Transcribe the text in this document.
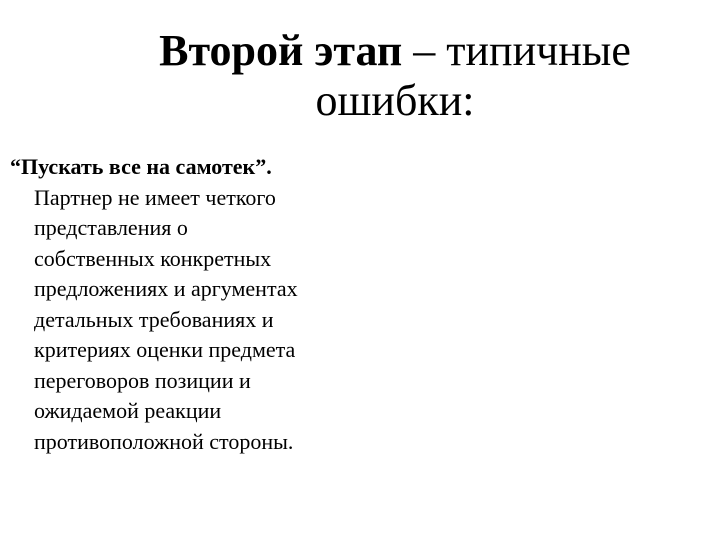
Второй этап – типичные
ошибки:
“Пускать все на самотек”.
Партнер не имеет четкого
представления о
собственных конкретных
предложениях и аргументах
детальных требованиях и
критериях оценки предмета
переговоров позиции и
ожидаемой реакции
противоположной стороны.
